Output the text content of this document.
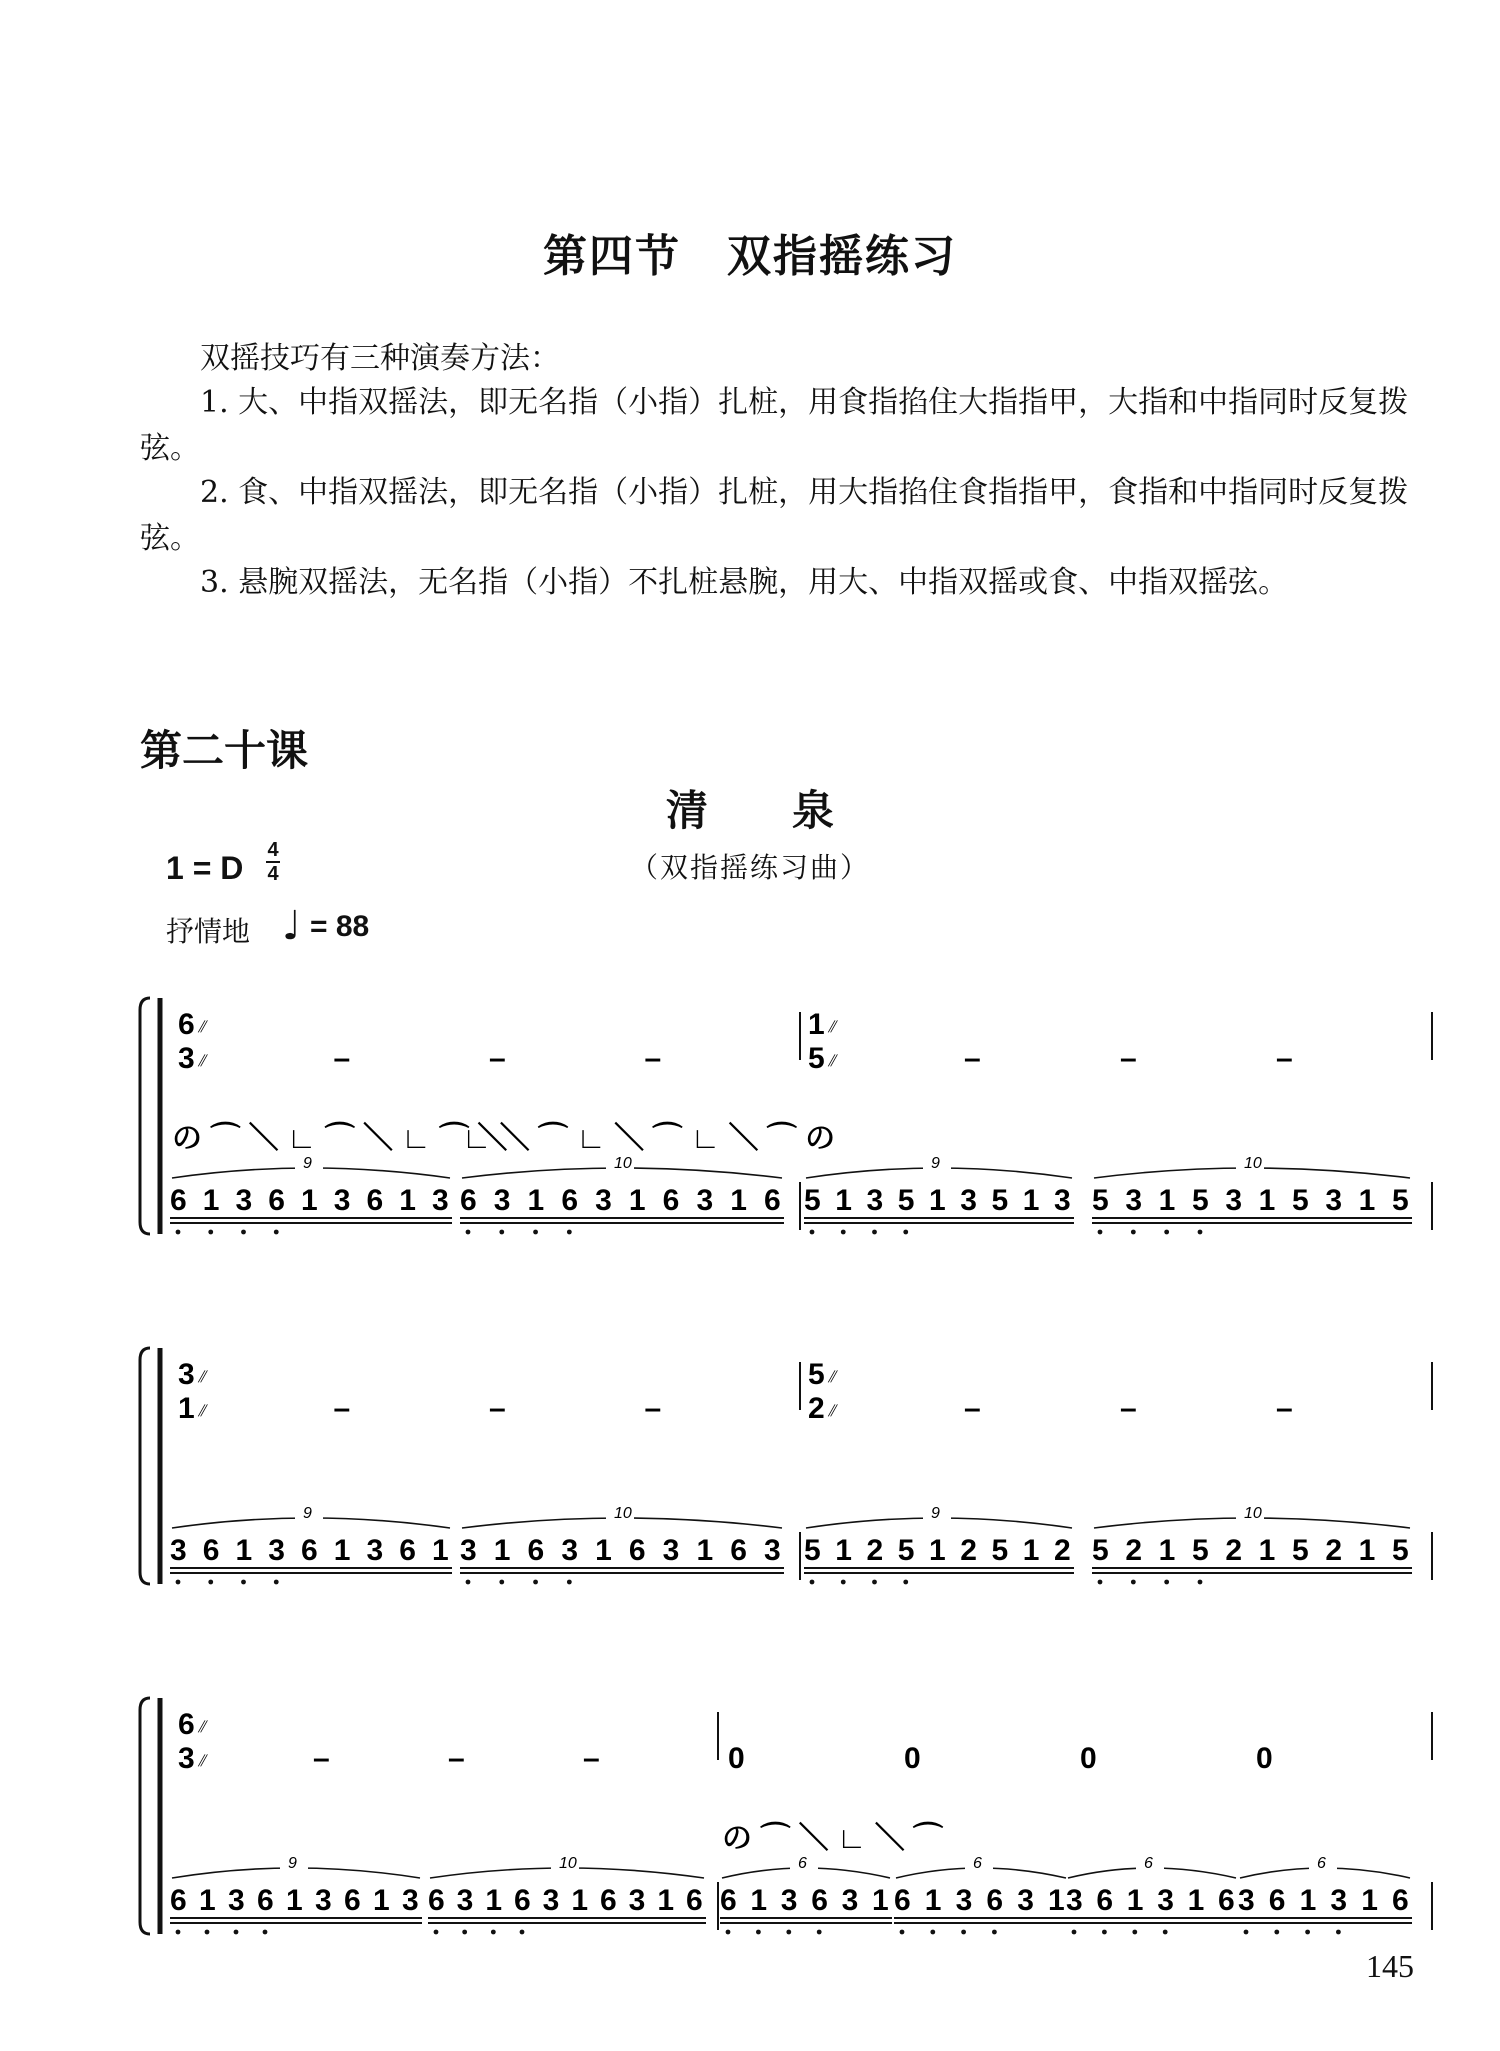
第四节　双指摇练习
双摇技巧有三种演奏方法：
1. 大、中指双摇法，即无名指（小指）扎桩，用食指掐住大指指甲，大指和中指同时反复拨弦。
2. 食、中指双摇法，即无名指（小指）扎桩，用大指掐住食指指甲，食指和中指同时反复拨弦。
3. 悬腕双摇法，无名指（小指）不扎桩悬腕，用大、中指双摇或食、中指双摇弦。
第二十课
清　　泉
（双指摇练习曲）
1 = D 4
4
抒情地 ♩ = 88
6
3
⫽
⫽	–	–	–
1
5
⫽
⫽	–	–	–
6 1 3 6 1 3 6 1 3
9
の ⌒ ＼ ∟ ⌒ ＼ ∟ ⌒ ＼
6 3 1 6 3 1 6 3 1 6
10
∟ ＼ ⌒ ∟ ＼ ⌒ ∟ ＼ ⌒ の
5 1 3 5 1 3 5 1 3
9
5 3 1 5 3 1 5 3 1 5
10
3
1
⫽
⫽	–	–	–
5
2
⫽
⫽	–	–	–
3 6 1 3 6 1 3 6 1
9
3 1 6 3 1 6 3 1 6 3
10
5 1 2 5 1 2 5 1 2
9
5 2 1 5 2 1 5 2 1 5
10
6
3
⫽
⫽	–	–	–	0	0	0	0
6 1 3 6 1 3 6 1 3
9
6 3 1 6 3 1 6 3 1 6
10
6 1 3 6 3 1
6
の ⌒ ＼ ∟ ＼ ⌒
6 1 3 6 3 1
6
3 6 1 3 1 6
6
3 6 1 3 1 6
6
145
